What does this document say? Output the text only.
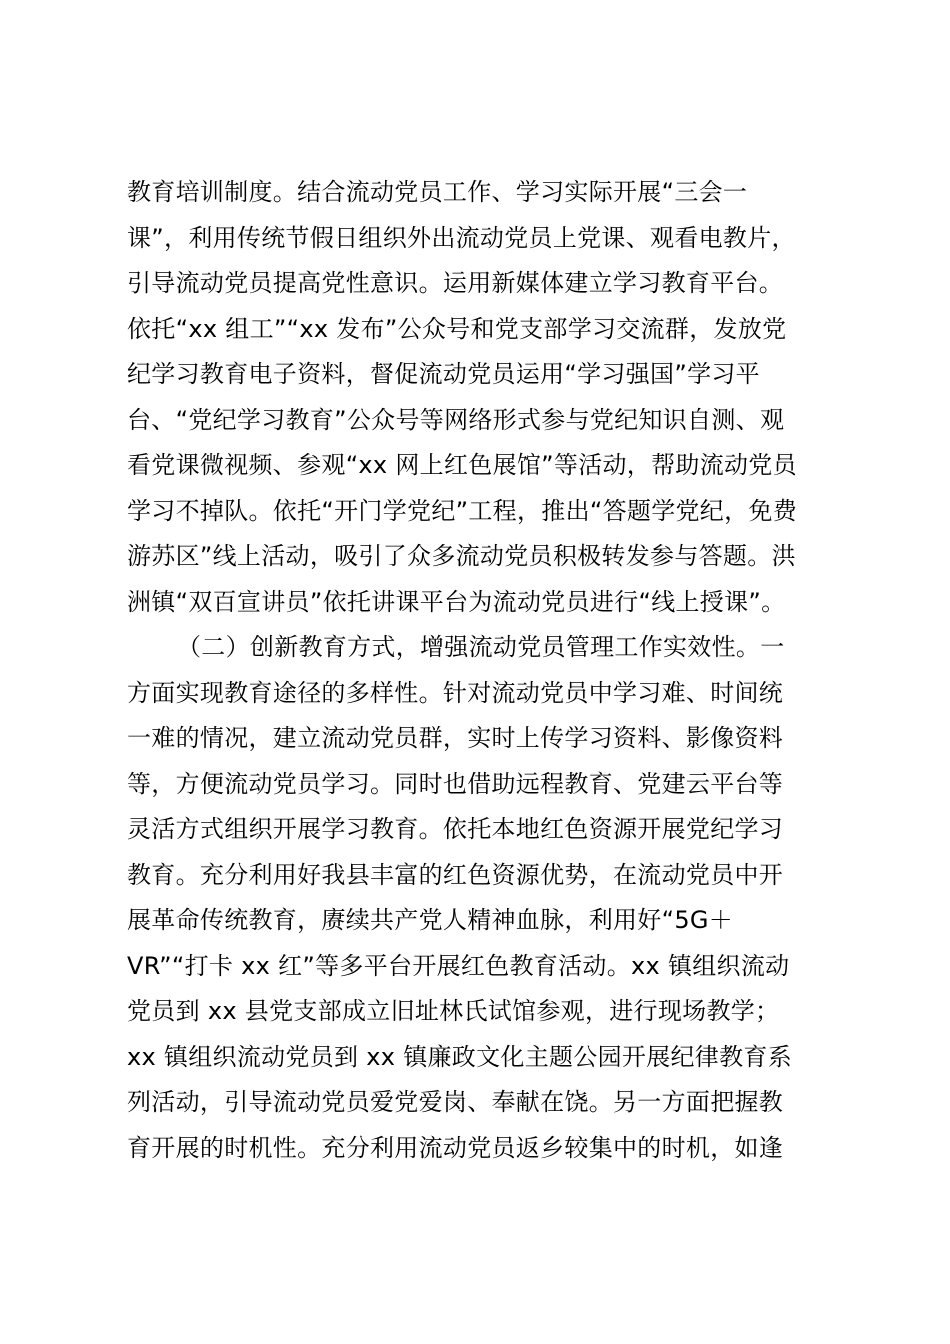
教育培训制度。结合流动党员工作、学习实际开展“三会一
课”，利用传统节假日组织外出流动党员上党课、观看电教片，
引导流动党员提高党性意识。运用新媒体建立学习教育平台。
依托“xx 组工”“xx 发布”公众号和党支部学习交流群，发放党
纪学习教育电子资料，督促流动党员运用“学习强国”学习平
台、“党纪学习教育”公众号等网络形式参与党纪知识自测、观
看党课微视频、参观“xx 网上红色展馆”等活动，帮助流动党员
学习不掉队。依托“开门学党纪”工程，推出“答题学党纪，免费
游苏区”线上活动，吸引了众多流动党员积极转发参与答题。洪
洲镇“双百宣讲员”依托讲课平台为流动党员进行“线上授课”。
（二）创新教育方式，增强流动党员管理工作实效性。一
方面实现教育途径的多样性。针对流动党员中学习难、时间统
一难的情况，建立流动党员群，实时上传学习资料、影像资料
等，方便流动党员学习。同时也借助远程教育、党建云平台等
灵活方式组织开展学习教育。依托本地红色资源开展党纪学习
教育。充分利用好我县丰富的红色资源优势，在流动党员中开
展革命传统教育，赓续共产党人精神血脉，利用好“5G＋
VR”“打卡 xx 红”等多平台开展红色教育活动。xx 镇组织流动
党员到 xx 县党支部成立旧址林氏试馆参观，进行现场教学；
xx 镇组织流动党员到 xx 镇廉政文化主题公园开展纪律教育系
列活动，引导流动党员爱党爱岗、奉献在饶。另一方面把握教
育开展的时机性。充分利用流动党员返乡较集中的时机，如逢
